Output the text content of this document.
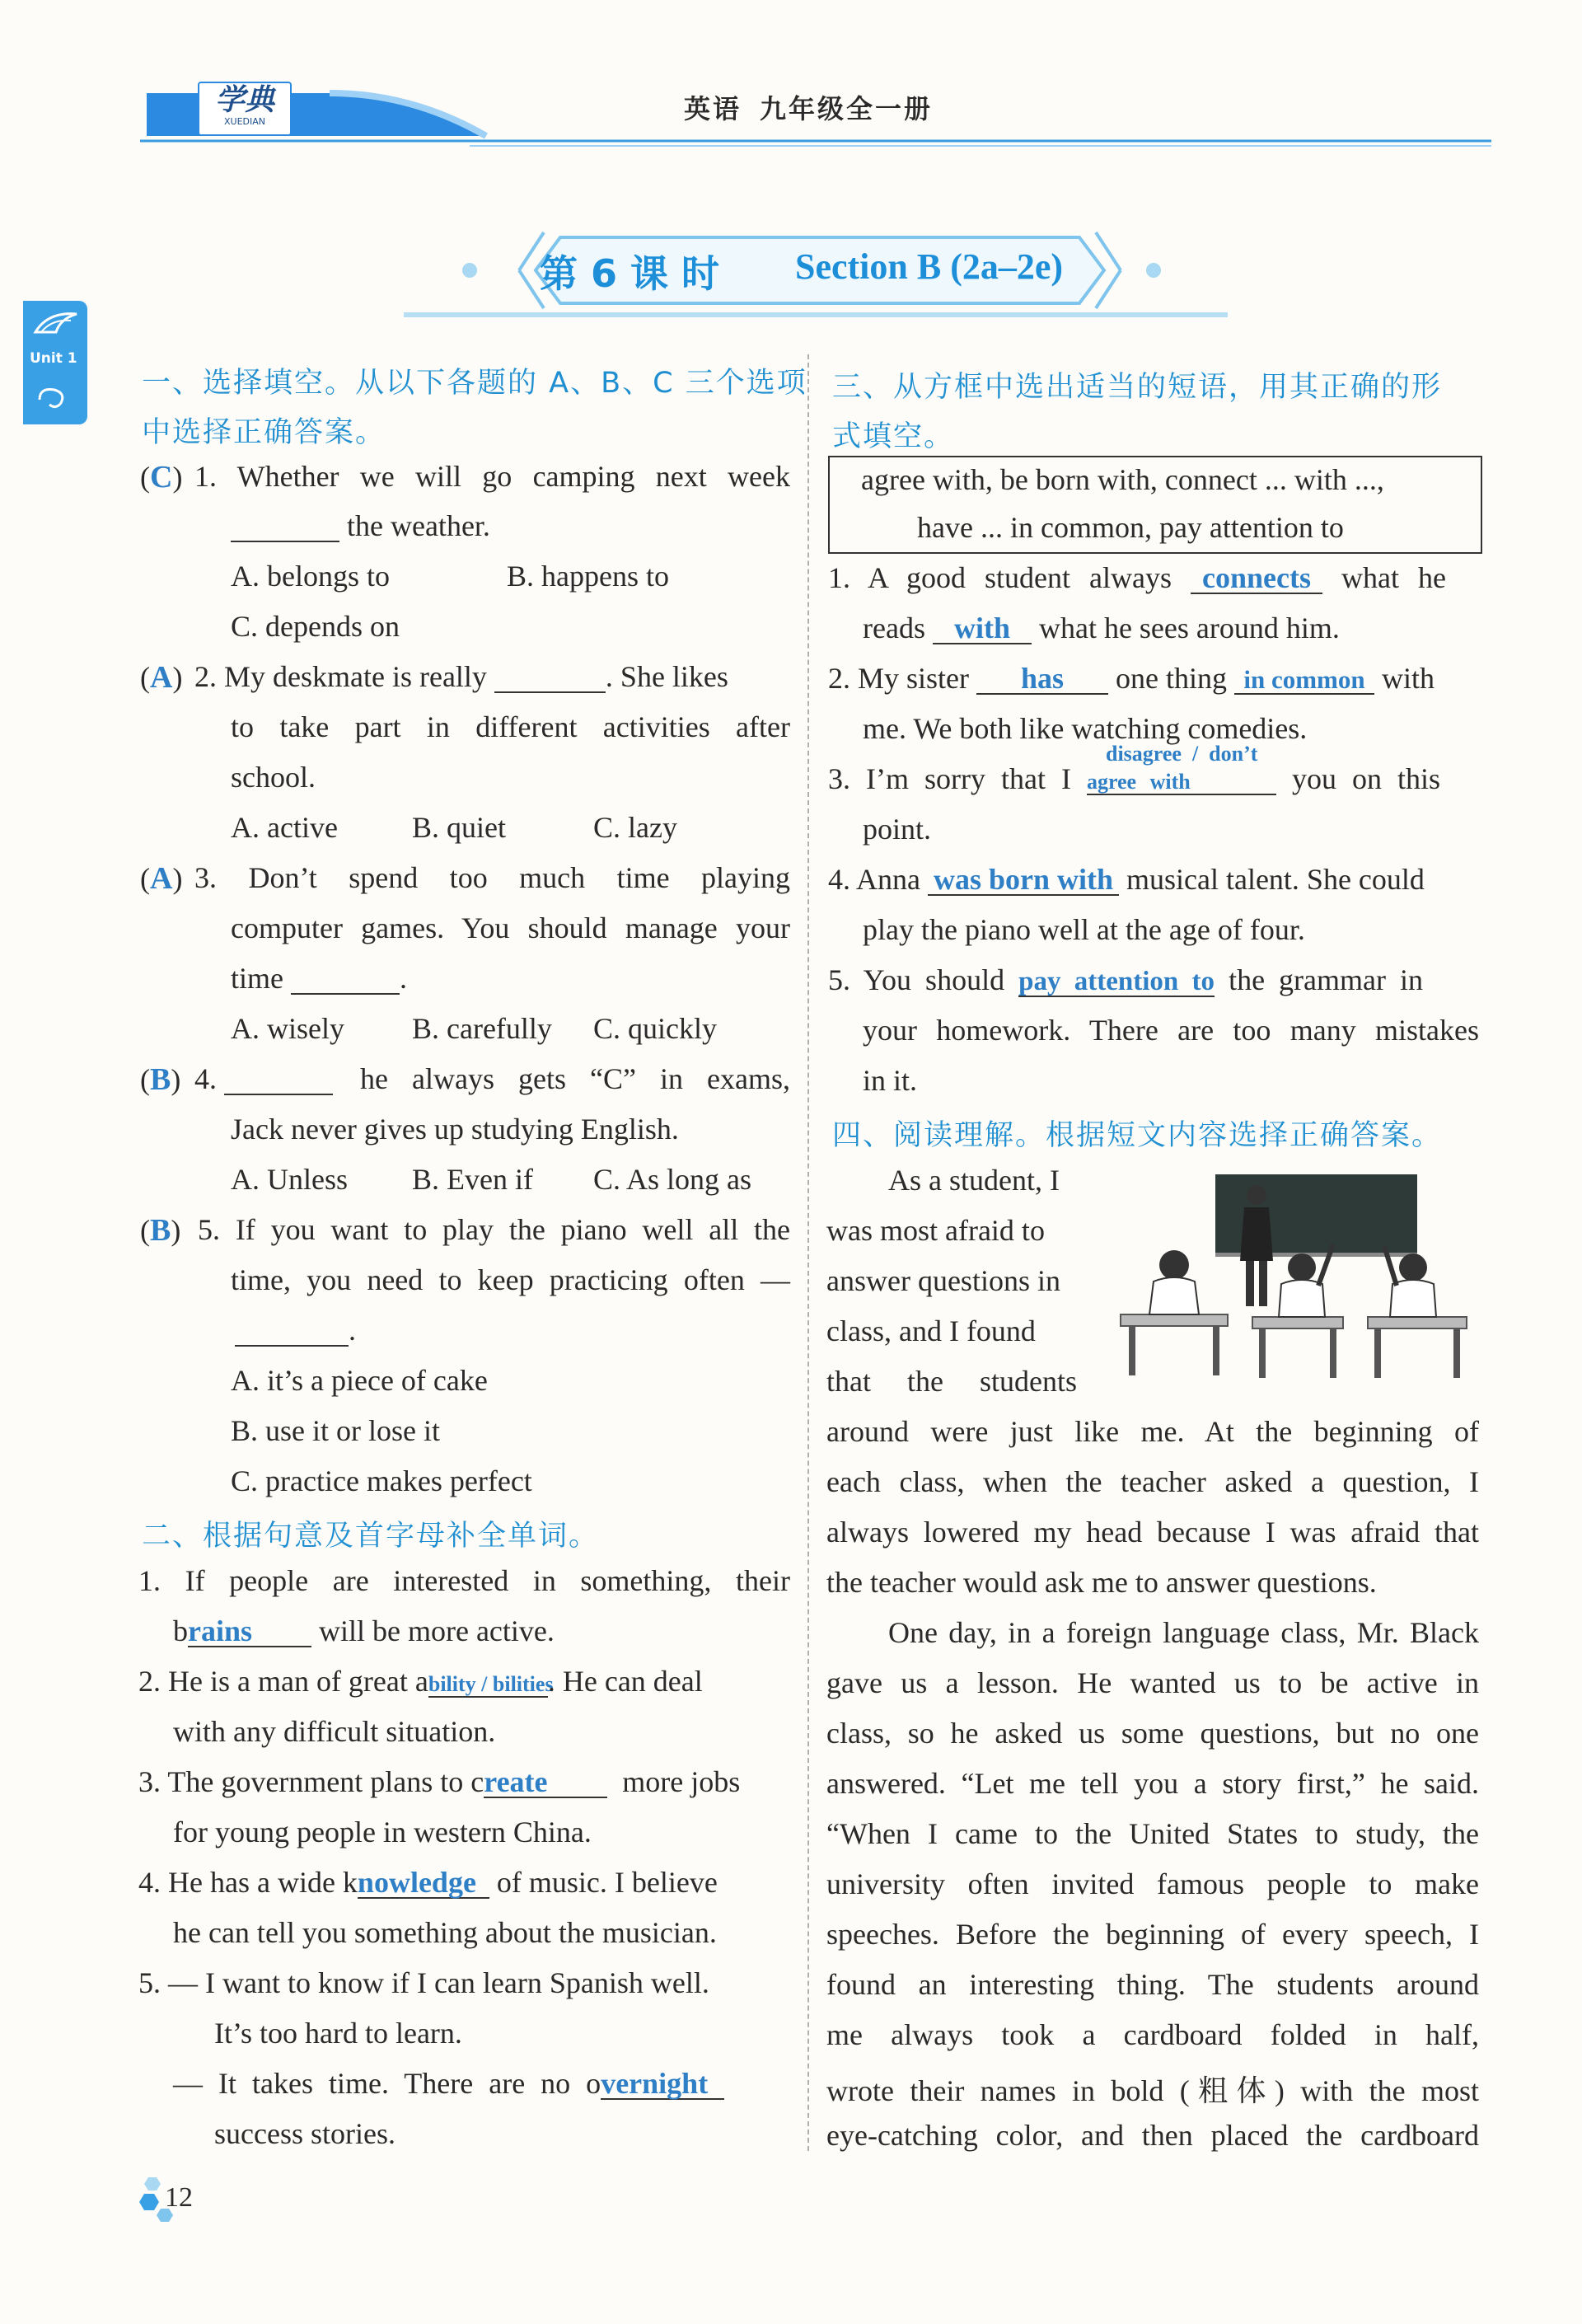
学典
XUEDIAN	英语  九年级全一册
Unit 1
第 6 课 时 Section B (2a–2e)
一、选择填空。从以下各题的 A、B、C 三个选项
中选择正确答案。
(C) 1. Whether we will go camping next week
the weather.
A. belongs to	B. happens to
C. depends on
(A) 2. My deskmate is really	. She likes
to take part in different activities after
school.
A. active	B. quiet	C. lazy
(A) 3. Don’t spend too much time playing
computer games. You should manage your
time	.
A. wisely B. carefully C. quickly
(B) 4.	he always gets “C” in exams,
Jack never gives up studying English.
A. Unless B. Even if C. As long as
(B) 5. If you want to play the piano well all the
time, you need to keep practicing often —
.
A. it’s a piece of cake
B. use it or lose it
C. practice makes perfect
二、根据句意及首字母补全单词。
1. If people are interested in something, their
brains will be more active.
2. He is a man of great ability / bilities. He can deal
with any difficult situation.
3. The government plans to create	more jobs
for young people in western China.
4. He has a wide knowledge of music. I believe
he can tell you something about the musician.
5. — I want to know if I can learn Spanish well.
It’s too hard to learn.
— It takes time. There are no overnight
success stories.
三、从方框中选出适当的短语，用其正确的形
式填空。
agree with, be born with, connect ... with ...,
have ... in common, pay attention to
1. A good student always connects what he
reads with what he sees around him.
2. My sister has one thing in common with
me. We both like watching comedies.
disagree  /  don’t
3. I’m sorry that I agree with	you on this
point.
4. Anna was born with musical talent. She could
play the piano well at the age of four.
5. You should pay attention to the grammar in
your homework. There are too many mistakes
in it.
四、阅读理解。根据短文内容选择正确答案。
As a student, I
was most afraid to
answer questions in
class, and I found
that the students
around were just like me. At the beginning of
each class, when the teacher asked a question, I
always lowered my head because I was afraid that
the teacher would ask me to answer questions.
One day, in a foreign language class, Mr. Black
gave us a lesson. He wanted us to be active in
class, so he asked us some questions, but no one
answered. “Let me tell you a story first,” he said.
“When I came to the United States to study, the
university often invited famous people to make
speeches. Before the beginning of every speech, I
found an interesting thing. The students around
me always took a cardboard folded in half,
wrote their names in bold (粗体) with the most
eye-catching color, and then placed the cardboard
12
